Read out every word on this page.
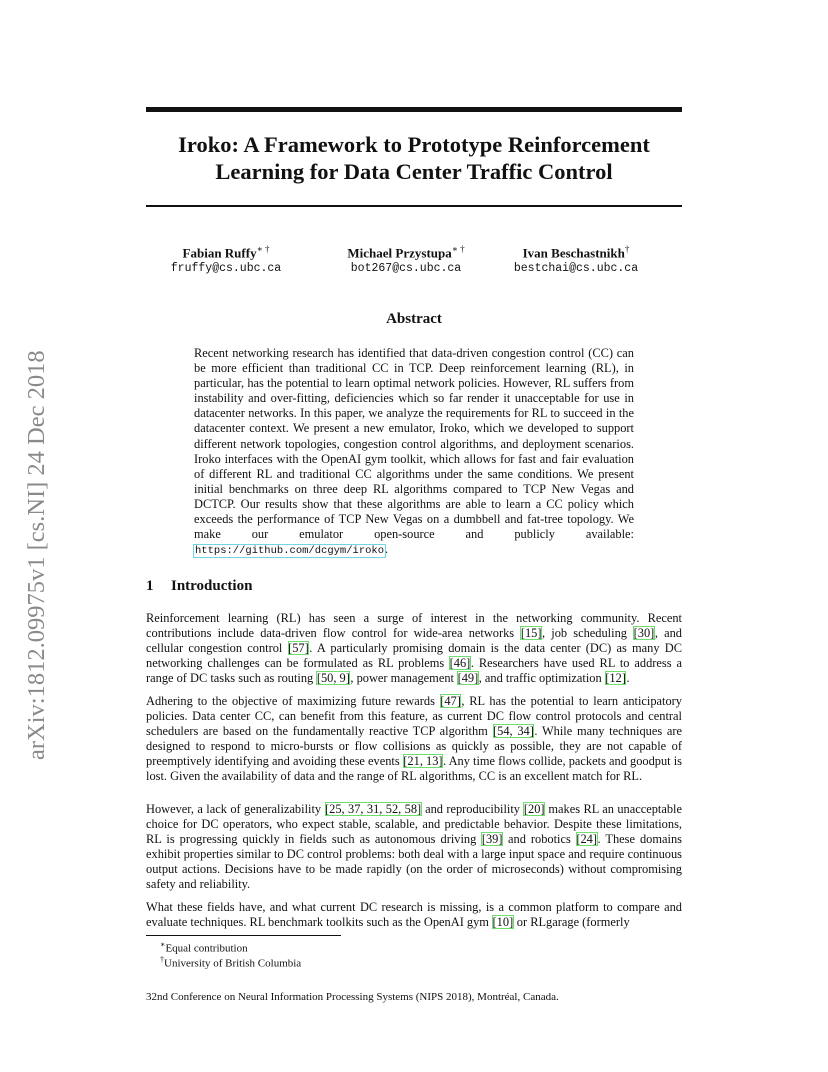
arXiv:1812.09975v1 [cs.NI] 24 Dec 2018
Iroko: A Framework to Prototype Reinforcement
Learning for Data Center Traffic Control
Fabian Ruffy∗ †
fruffy@cs.ubc.ca
Michael Przystupa∗ †
bot267@cs.ubc.ca
Ivan Beschastnikh†
bestchai@cs.ubc.ca
Abstract
Recent networking research has identified that data-driven congestion control (CC) can be more efficient than traditional CC in TCP. Deep reinforcement learning (RL), in particular, has the potential to learn optimal network policies. However, RL suffers from instability and over-fitting, deficiencies which so far render it unacceptable for use in datacenter networks. In this paper, we analyze the requirements for RL to succeed in the datacenter context. We present a new emulator, Iroko, which we developed to support different network topologies, congestion control algorithms, and deployment scenarios. Iroko interfaces with the OpenAI gym toolkit, which allows for fast and fair evaluation of different RL and traditional CC algorithms under the same conditions. We present initial benchmarks on three deep RL algorithms compared to TCP New Vegas and DCTCP. Our results show that these algorithms are able to learn a CC policy which exceeds the performance of TCP New Vegas on a dumbbell and fat-tree topology. We make our emulator open-source and publicly available: https://github.com/dcgym/iroko.
1 Introduction

Reinforcement learning (RL) has seen a surge of interest in the networking community. Recent contributions include data-driven flow control for wide-area networks [15], job scheduling [30], and cellular congestion control [57]. A particularly promising domain is the data center (DC) as many DC networking challenges can be formulated as RL problems [46]. Researchers have used RL to address a range of DC tasks such as routing [50, 9], power management [49], and traffic optimization [12].

Adhering to the objective of maximizing future rewards [47], RL has the potential to learn anticipatory policies. Data center CC, can benefit from this feature, as current DC flow control protocols and central schedulers are based on the fundamentally reactive TCP algorithm [54, 34]. While many techniques are designed to respond to micro-bursts or flow collisions as quickly as possible, they are not capable of preemptively identifying and avoiding these events [21, 13]. Any time flows collide, packets and goodput is lost. Given the availability of data and the range of RL algorithms, CC is an excellent match for RL.

However, a lack of generalizability [25, 37, 31, 52, 58] and reproducibility [20] makes RL an unacceptable choice for DC operators, who expect stable, scalable, and predictable behavior. Despite these limitations, RL is progressing quickly in fields such as autonomous driving [39] and robotics [24]. These domains exhibit properties similar to DC control problems: both deal with a large input space and require continuous output actions. Decisions have to be made rapidly (on the order of microseconds) without compromising safety and reliability.

What these fields have, and what current DC research is missing, is a common platform to compare and evaluate techniques. RL benchmark toolkits such as the OpenAI gym [10] or RLgarage (formerly

∗Equal contribution
†University of British Columbia
32nd Conference on Neural Information Processing Systems (NIPS 2018), Montréal, Canada.
